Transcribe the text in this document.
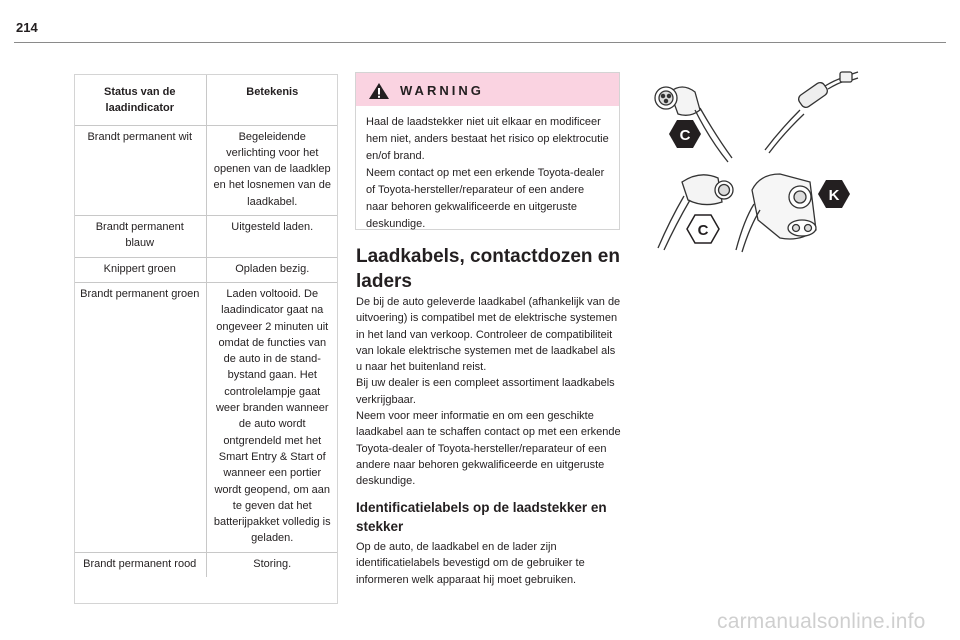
214
Status van de laadindicator	Betekenis
Brandt permanent wit	Begeleidende verlichting voor het openen van de laadklep en het losnemen van de laadkabel.
Brandt permanent blauw	Uitgesteld laden.
Knippert groen	Opladen bezig.
Brandt permanent groen	Laden voltooid. De laadindicator gaat na ongeveer 2 minuten uit omdat de functies van de auto in de stand-bystand gaan. Het controlelampje gaat weer branden wanneer de auto wordt ontgrendeld met het Smart Entry & Start of wanneer een portier wordt geopend, om aan te geven dat het batterijpakket volledig is geladen.
Brandt permanent rood	Storing.
WARNING
Haal de laadstekker niet uit elkaar en modificeer hem niet, anders bestaat het risico op elektrocutie en/of brand.
Neem contact op met een erkende Toyota-dealer of Toyota-hersteller/reparateur of een andere naar behoren gekwalificeerde en uitgeruste deskundige.
Laadkabels, contactdozen en laders
De bij de auto geleverde laadkabel (afhankelijk van de uitvoering) is compatibel met de elektrische systemen in het land van verkoop. Controleer de compatibiliteit van lokale elektrische systemen met de laadkabel als u naar het buitenland reist.
Bij uw dealer is een compleet assortiment laadkabels verkrijgbaar.
Neem voor meer informatie en om een geschikte laadkabel aan te schaffen contact op met een erkende Toyota-dealer of Toyota-hersteller/reparateur of een andere naar behoren gekwalificeerde en uitgeruste deskundige.
Identificatielabels op de laadstekker en stekker
Op de auto, de laadkabel en de lader zijn identificatielabels bevestigd om de gebruiker te informeren welk apparaat hij moet gebruiken.
C
C
K
carmanualsonline.info
